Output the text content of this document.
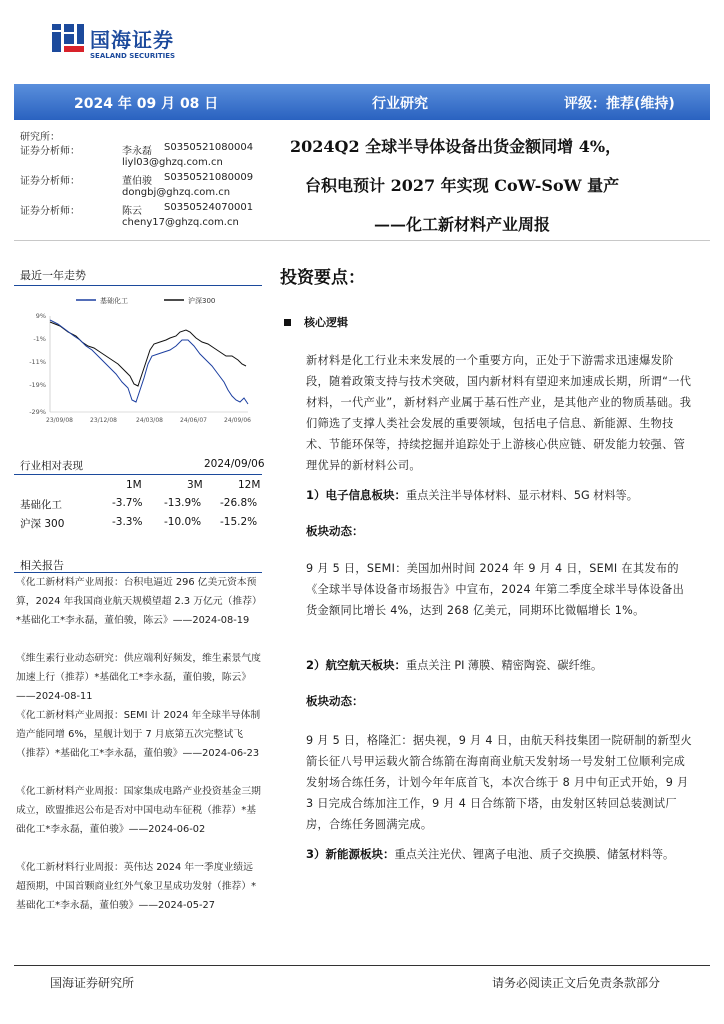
国海证券
SEALAND SECURITIES
2024 年 09 月 08 日	行业研究	评级：推荐(维持)
研究所：
证券分析师：	李永磊 S0350521080004
liyl03@ghzq.com.cn
证券分析师：	董伯骏 S0350521080009
dongbj@ghzq.com.cn
证券分析师：	陈云 S0350524070001
cheny17@ghzq.com.cn
2024Q2 全球半导体设备出货金额同增 4%，
台积电预计 2027 年实现 CoW-SoW 量产
——化工新材料产业周报
最近一年走势
基础化工	沪深300
9%
-1%
-11%
-19%
-29%
23/09/08	23/12/08	24/03/08	24/06/07	24/09/06
行业相对表现	2024/09/06
1M	3M	12M
基础化工	-3.7% -13.9% -26.8%
沪深 300	-3.3% -10.0% -15.2%
相关报告
《化工新材料产业周报：台积电逼近 296 亿美元资本预算，2024 年我国商业航天规模望超 2.3 万亿元（推荐）*基础化工*李永磊，董伯骏，陈云》——2024-08-19
《维生素行业动态研究：供应端利好频发，维生素景气度加速上行（推荐）*基础化工*李永磊，董伯骏，陈云》——2024-08-11
《化工新材料产业周报：SEMI 计 2024 年全球半导体制造产能同增 6%，星舰计划于 7 月底第五次完整试飞（推荐）*基础化工*李永磊，董伯骏》——2024-06-23
《化工新材料产业周报：国家集成电路产业投资基金三期成立，欧盟推迟公布是否对中国电动车征税（推荐）*基础化工*李永磊，董伯骏》——2024-06-02
《化工新材料行业周报：英伟达 2024 年一季度业绩远超预期，中国首颗商业红外气象卫星成功发射（推荐）*基础化工*李永磊，董伯骏》——2024-05-27
投资要点：
核心逻辑
新材料是化工行业未来发展的一个重要方向，正处于下游需求迅速爆发阶段，随着政策支持与技术突破，国内新材料有望迎来加速成长期，所谓“一代材料，一代产业”，新材料产业属于基石性产业，是其他产业的物质基础。我们筛选了支撑人类社会发展的重要领域，包括电子信息、新能源、生物技术、节能环保等，持续挖掘并追踪处于上游核心供应链、研发能力较强、管理优异的新材料公司。
1）电子信息板块：重点关注半导体材料、显示材料、5G 材料等。
板块动态：
9 月 5 日，SEMI：美国加州时间 2024 年 9 月 4 日，SEMI 在其发布的《全球半导体设备市场报告》中宣布，2024 年第二季度全球半导体设备出货金额同比增长 4%，达到 268 亿美元，同期环比微幅增长 1%。
2）航空航天板块：重点关注 PI 薄膜、精密陶瓷、碳纤维。
板块动态：
9 月 5 日，格隆汇：据央视，9 月 4 日，由航天科技集团一院研制的新型火箭长征八号甲运载火箭合练箭在海南商业航天发射场一号发射工位顺利完成发射场合练任务，计划今年年底首飞，本次合练于 8 月中旬正式开始，9 月 3 日完成合练加注工作，9 月 4 日合练箭下塔，由发射区转回总装测试厂房，合练任务圆满完成。
3）新能源板块：重点关注光伏、锂离子电池、质子交换膜、储氢材料等。
国海证券研究所	请务必阅读正文后免责条款部分
